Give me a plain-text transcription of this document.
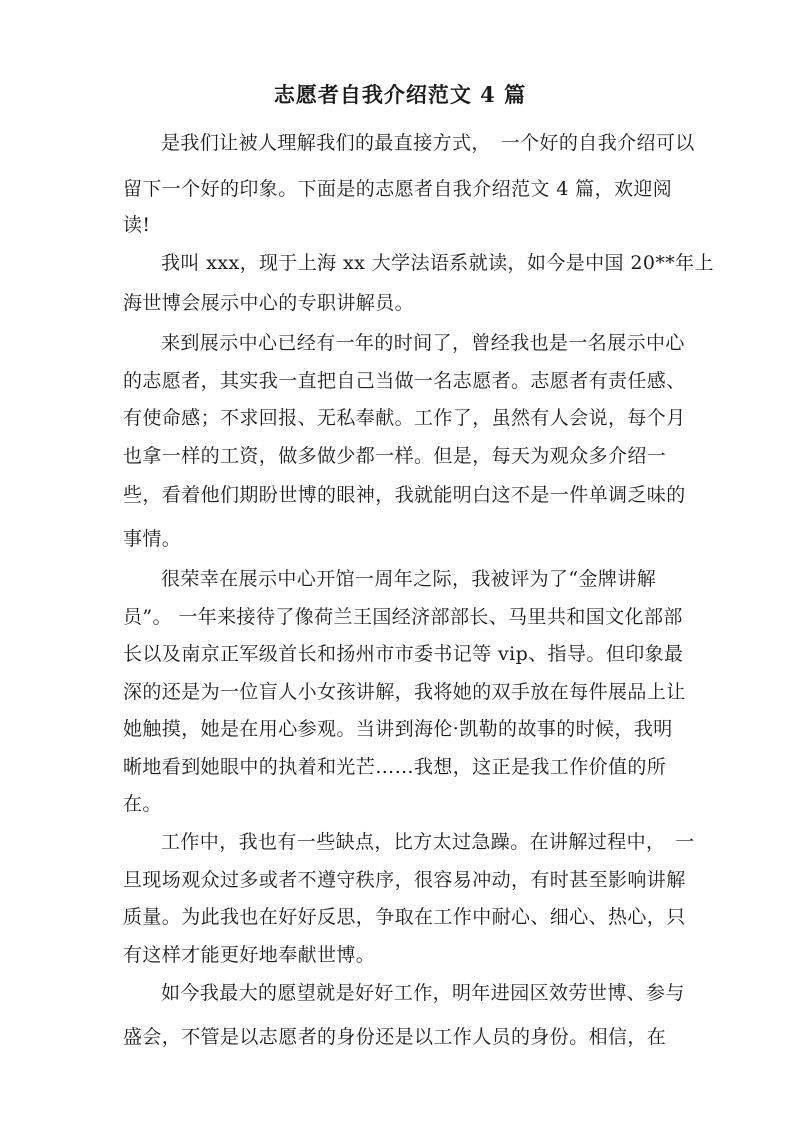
志愿者自我介绍范文 4 篇
是我们让被人理解我们的最直接方式，　一个好的自我介绍可以
留下一个好的印象。下面是的志愿者自我介绍范文 4 篇，欢迎阅
读!
我叫 xxx，现于上海 xx 大学法语系就读，如今是中国 20**年上
海世博会展示中心的专职讲解员。
来到展示中心已经有一年的时间了，曾经我也是一名展示中心
的志愿者，其实我一直把自己当做一名志愿者。志愿者有责任感、
有使命感；不求回报、无私奉献。工作了，虽然有人会说，每个月
也拿一样的工资，做多做少都一样。但是，每天为观众多介绍一
些，看着他们期盼世博的眼神，我就能明白这不是一件单调乏味的
事情。
很荣幸在展示中心开馆一周年之际，我被评为了“金牌讲解
员”。 一年来接待了像荷兰王国经济部部长、马里共和国文化部部
长以及南京正军级首长和扬州市市委书记等 vip、指导。但印象最
深的还是为一位盲人小女孩讲解，我将她的双手放在每件展品上让
她触摸，她是在用心参观。当讲到海伦·凯勒的故事的时候，我明
晰地看到她眼中的执着和光芒……我想，这正是我工作价值的所
在。
工作中，我也有一些缺点，比方太过急躁。在讲解过程中，　一
旦现场观众过多或者不遵守秩序，很容易冲动，有时甚至影响讲解
质量。为此我也在好好反思，争取在工作中耐心、细心、热心，只
有这样才能更好地奉献世博。
如今我最大的愿望就是好好工作，明年进园区效劳世博、参与
盛会，不管是以志愿者的身份还是以工作人员的身份。相信，在
